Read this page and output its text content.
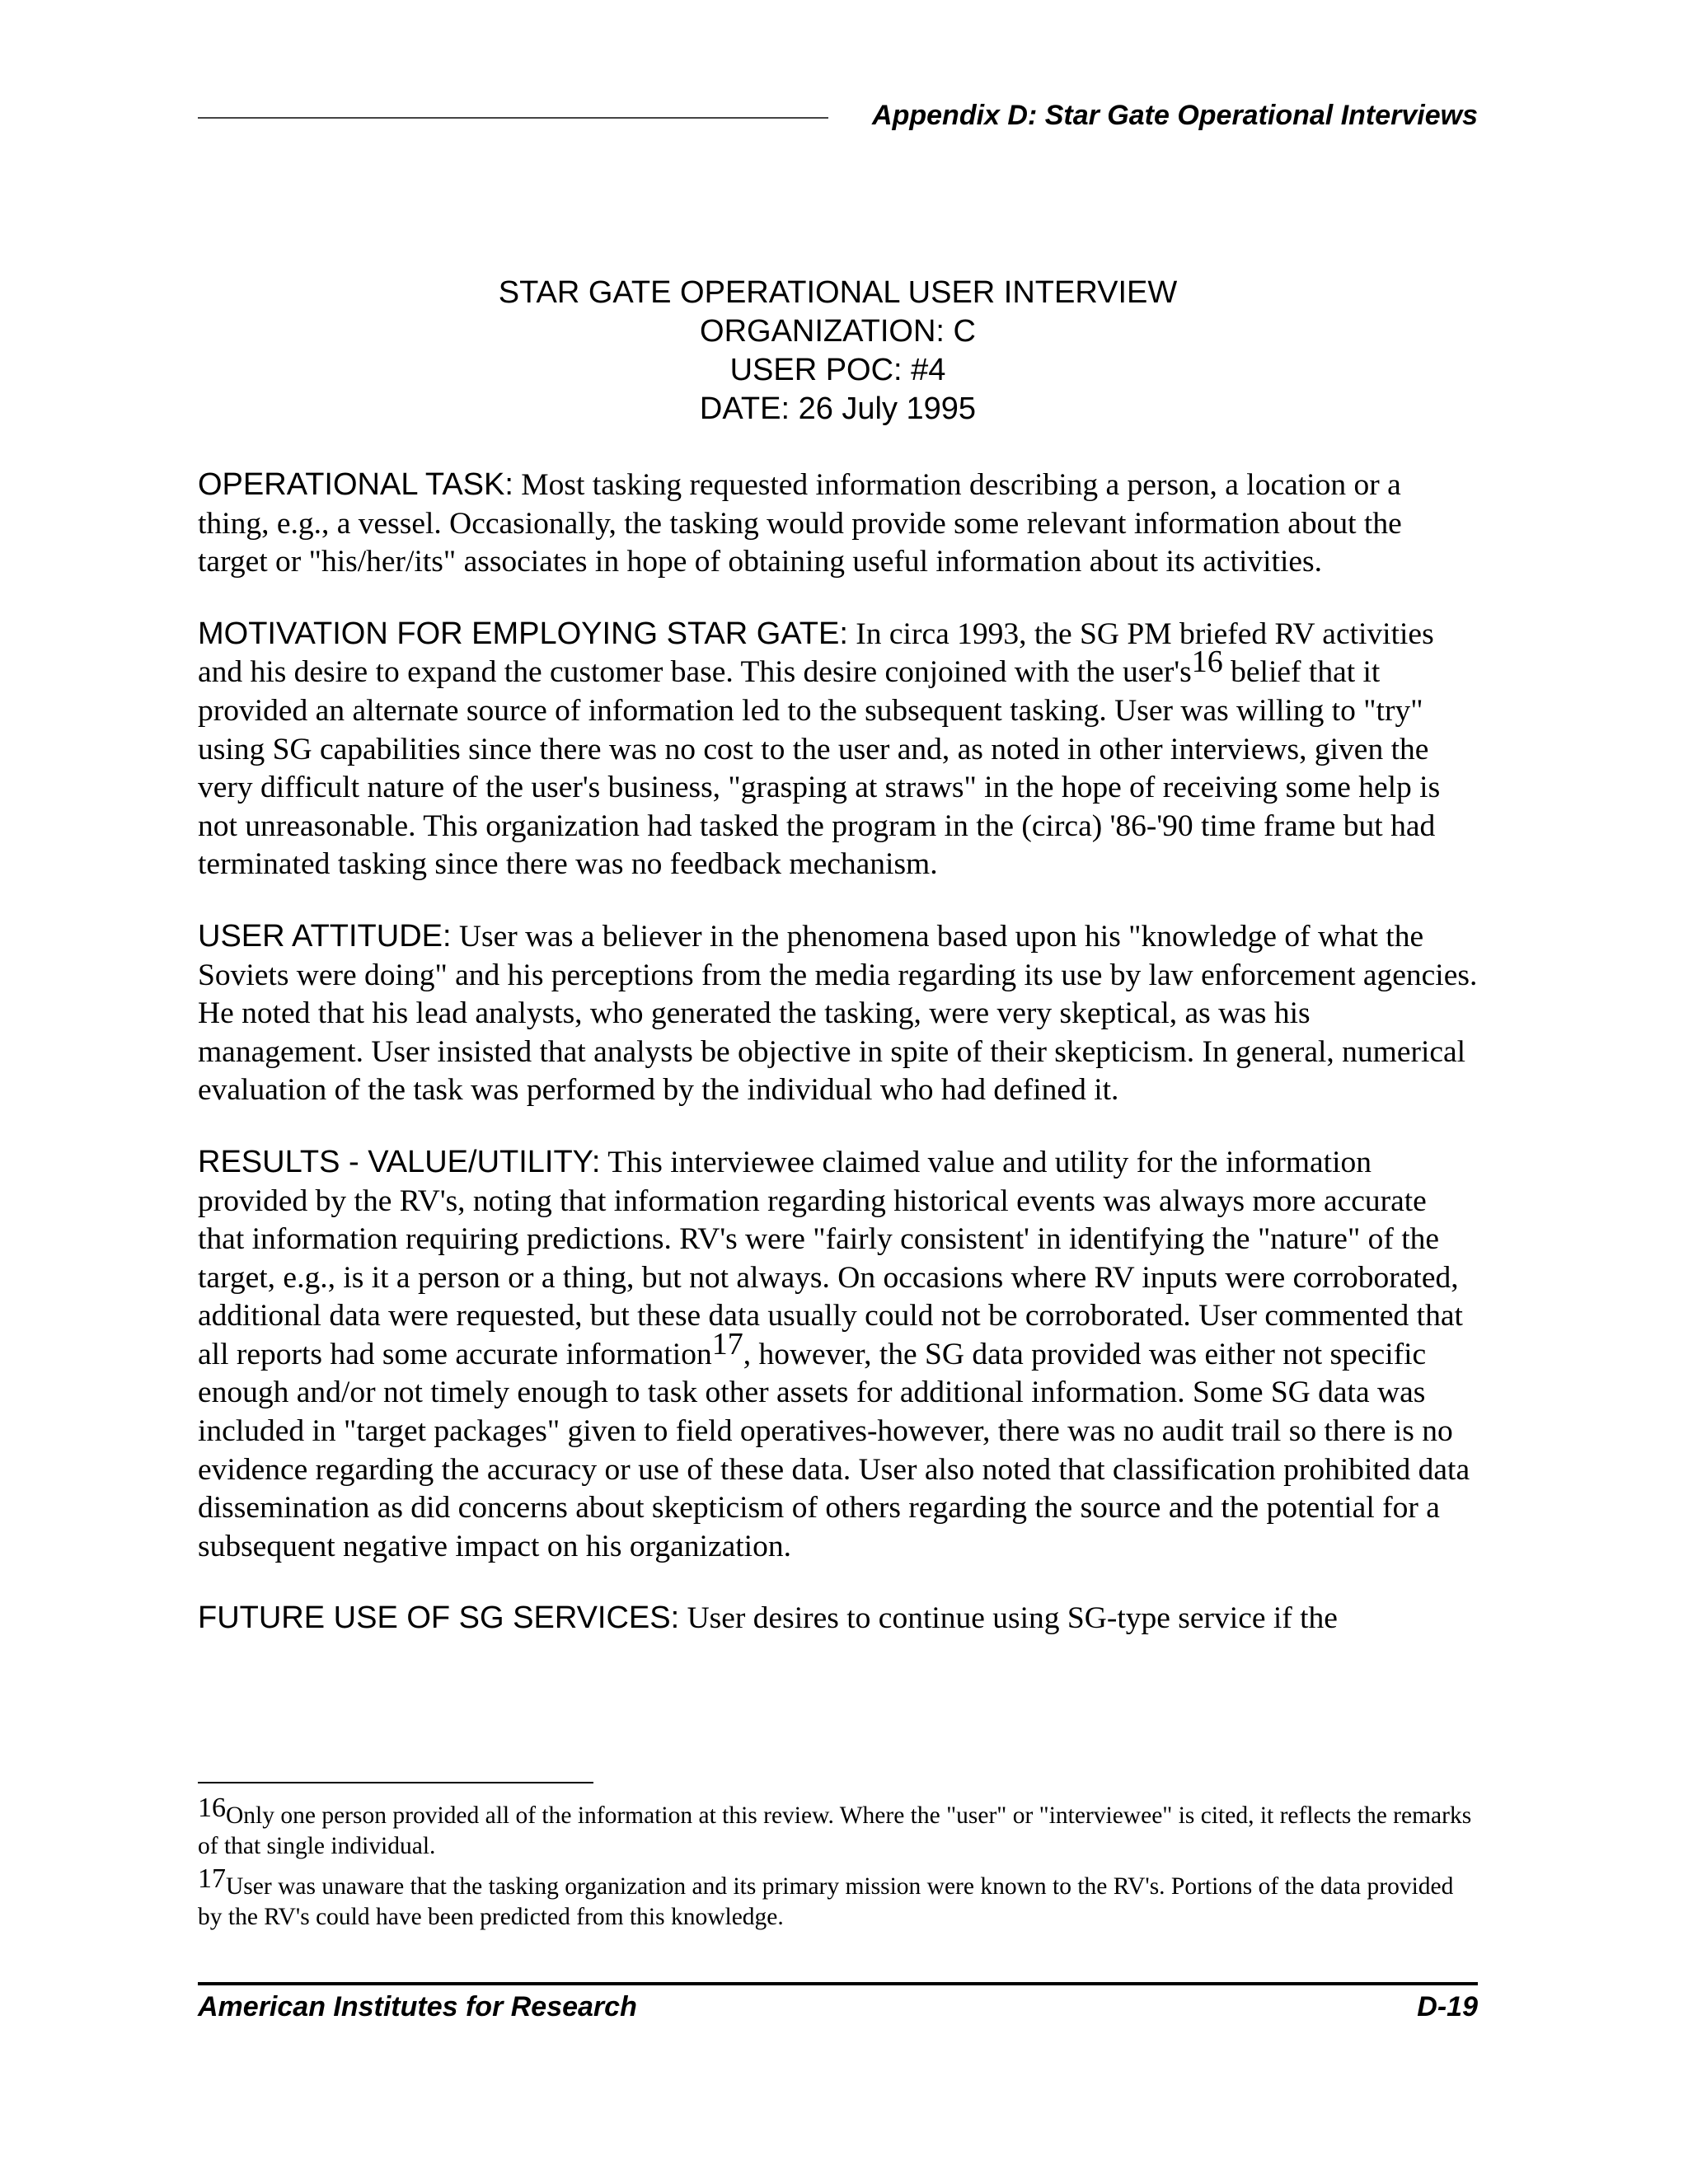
Appendix D: Star Gate Operational Interviews
STAR GATE OPERATIONAL USER INTERVIEW
ORGANIZATION: C
USER POC: #4
DATE: 26 July 1995

OPERATIONAL TASK: Most tasking requested information describing a person, a location or a thing, e.g., a vessel. Occasionally, the tasking would provide some relevant information about the target or "his/her/its" associates in hope of obtaining useful information about its activities.

MOTIVATION FOR EMPLOYING STAR GATE: In circa 1993, the SG PM briefed RV activities and his desire to expand the customer base. This desire conjoined with the $user's^{16}$ belief that it provided an alternate source of information led to the subsequent tasking. User was willing to "try" using SG capabilities since there was no cost to the user and, as noted in other interviews, given the very difficult nature of the user's business, "grasping at straws" in the hope of receiving some help is not unreasonable. This organization had tasked the program in the (circa) '86-'90 time frame but had terminated tasking since there was no feedback mechanism.

USER ATTITUDE: User was a believer in the phenomena based upon his "knowledge of what the Soviets were doing" and his perceptions from the media regarding its use by law enforcement agencies. He noted that his lead analysts, who generated the tasking, were very skeptical, as was his management. User insisted that analysts be objective in spite of their skepticism. In general, numerical evaluation of the task was performed by the individual who had defined it.

RESULTS - VALUE/UTILITY: This interviewee claimed value and utility for the information provided by the RV's, noting that information regarding historical events was always more accurate that information requiring predictions. RV's were "fairly consistent' in identifying the "nature" of the target, e.g., is it a person or a thing, but not always. On occasions where RV inputs were corroborated, additional data were requested, but these data usually could not be corroborated. User commented that all reports had some accurate information$^{17}$, however, the SG data provided was either not specific enough and/or not timely enough to task other assets for additional information. Some SG data was included in "target packages" given to field operatives-however, there was no audit trail so there is no evidence regarding the accuracy or use of these data. User also noted that classification prohibited data dissemination as did concerns about skepticism of others regarding the source and the potential for a subsequent negative impact on his organization.

FUTURE USE OF SG SERVICES: User desires to continue using SG-type service if the

$^{16}$Only one person provided all of the information at this review. Where the "user" or "interviewee" is cited, it reflects the remarks of that single individual.

$^{17}$User was unaware that the tasking organization and its primary mission were known to the RV's. Portions of the data provided by the RV's could have been predicted from this knowledge.

American Institutes for Research	D-19
